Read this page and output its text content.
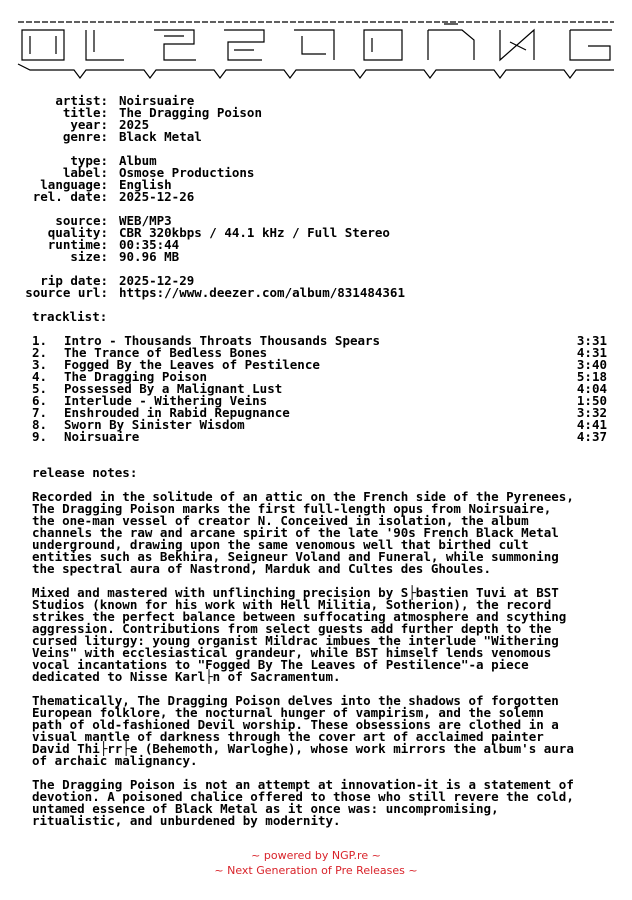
artist: Noirsuaire
title: The Dragging Poison
year: 2025
genre: Black Metal
type: Album
label: Osmose Productions
language: English
rel. date: 2025-12-26
source: WEB/MP3
quality: CBR 320kbps / 44.1 kHz / Full Stereo
runtime: 00:35:44
size: 90.96 MB
rip date: 2025-12-29
source url: https://www.deezer.com/album/831484361
tracklist:
1. Intro - Thousands Throats Thousands Spears	3:31
2. The Trance of Bedless Bones	4:31
3. Fogged By the Leaves of Pestilence	3:40
4. The Dragging Poison	5:18
5. Possessed By a Malignant Lust	4:04
6. Interlude - Withering Veins	1:50
7. Enshrouded in Rabid Repugnance	3:32
8. Sworn By Sinister Wisdom	4:41
9. Noirsuaire	4:37
release notes:
Recorded in the solitude of an attic on the French side of the Pyrenees,
The Dragging Poison marks the first full-length opus from Noirsuaire,
the one-man vessel of creator N. Conceived in isolation, the album
channels the raw and arcane spirit of the late '90s French Black Metal
underground, drawing upon the same venomous well that birthed cult
entities such as Bekhira, Seigneur Voland and Funeral, while summoning
the spectral aura of Nastrond, Marduk and Cultes des Ghoules.
Mixed and mastered with unflinching precision by S├bastien Tuvi at BST
Studios (known for his work with Hell Militia, Sotherion), the record
strikes the perfect balance between suffocating atmosphere and scything
aggression. Contributions from select guests add further depth to the
cursed liturgy: young organist Mildrac imbues the interlude "Withering
Veins" with ecclesiastical grandeur, while BST himself lends venomous
vocal incantations to "Fogged By The Leaves of Pestilence"-a piece
dedicated to Nisse Karl├n of Sacramentum.
Thematically, The Dragging Poison delves into the shadows of forgotten
European folklore, the nocturnal hunger of vampirism, and the solemn
path of old-fashioned Devil worship. These obsessions are clothed in a
visual mantle of darkness through the cover art of acclaimed painter
David Thi├rr├e (Behemoth, Warloghe), whose work mirrors the album's aura
of archaic malignancy.
The Dragging Poison is not an attempt at innovation-it is a statement of
devotion. A poisoned chalice offered to those who still revere the cold,
untamed essence of Black Metal as it once was: uncompromising,
ritualistic, and unburdened by modernity.
~ powered by NGP.re ~
~ Next Generation of Pre Releases ~
